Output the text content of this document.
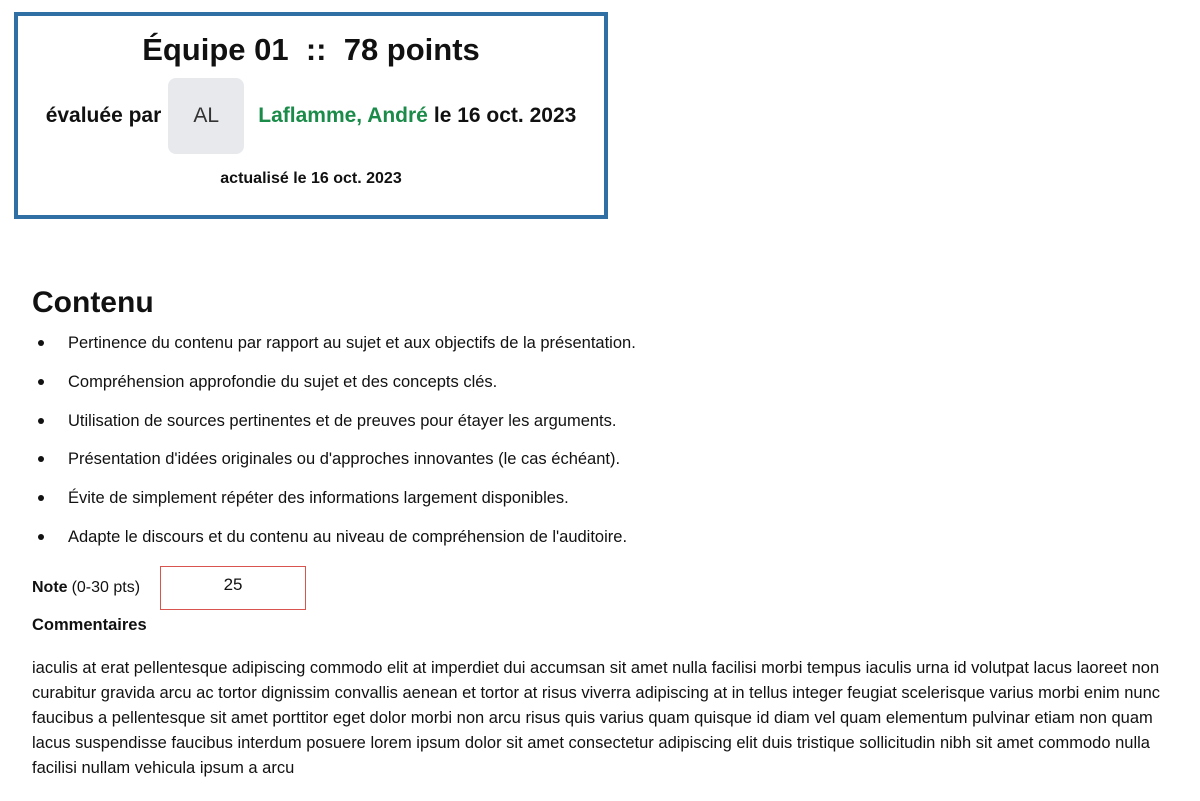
Équipe 01  ::  78 points
évaluée par AL Laflamme, André le 16 oct. 2023
actualisé le 16 oct. 2023
Contenu
Pertinence du contenu par rapport au sujet et aux objectifs de la présentation.
Compréhension approfondie du sujet et des concepts clés.
Utilisation de sources pertinentes et de preuves pour étayer les arguments.
Présentation d'idées originales ou d'approches innovantes (le cas échéant).
Évite de simplement répéter des informations largement disponibles.
Adapte le discours et du contenu au niveau de compréhension de l'auditoire.
Note (0-30 pts)
25
Commentaires

iaculis at erat pellentesque adipiscing commodo elit at imperdiet dui accumsan sit amet nulla facilisi morbi tempus iaculis urna id volutpat lacus laoreet non curabitur gravida arcu ac tortor dignissim convallis aenean et tortor at risus viverra adipiscing at in tellus integer feugiat scelerisque varius morbi enim nunc faucibus a pellentesque sit amet porttitor eget dolor morbi non arcu risus quis varius quam quisque id diam vel quam elementum pulvinar etiam non quam lacus suspendisse faucibus interdum posuere lorem ipsum dolor sit amet consectetur adipiscing elit duis tristique sollicitudin nibh sit amet commodo nulla facilisi nullam vehicula ipsum a arcu
